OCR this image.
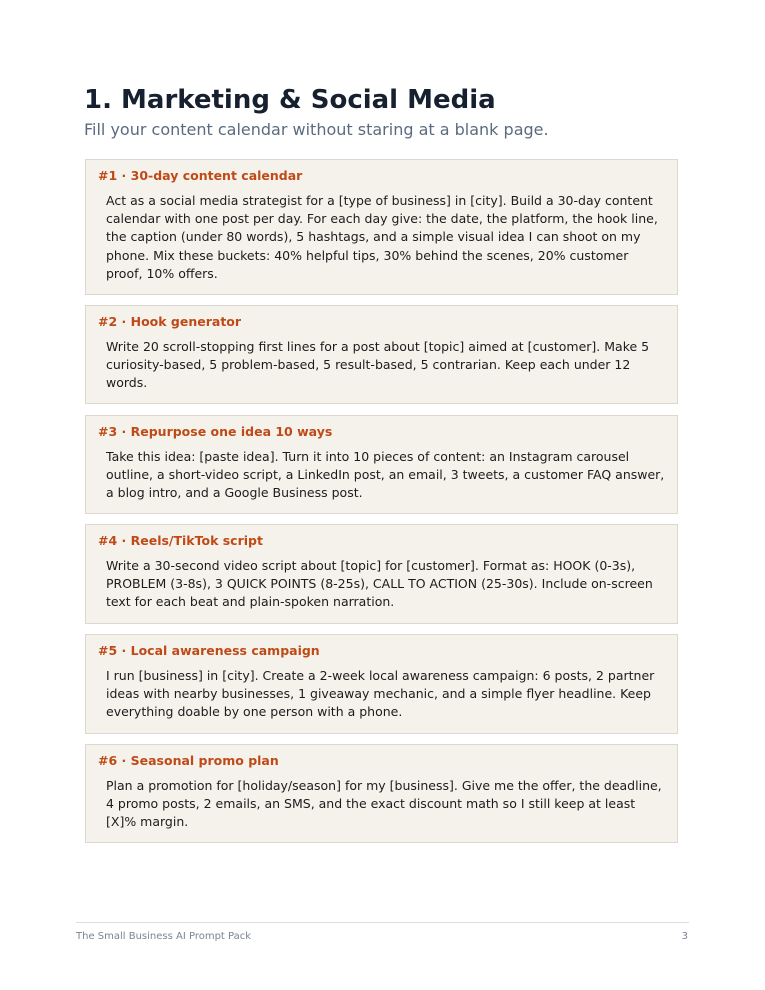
1. Marketing & Social Media

Fill your content calendar without staring at a blank page.

#1 · 30-day content calendar
Act as a social media strategist for a [type of business] in [city]. Build a 30-day content calendar with one post per day. For each day give: the date, the platform, the hook line, the caption (under 80 words), 5 hashtags, and a simple visual idea I can shoot on my phone. Mix these buckets: 40% helpful tips, 30% behind the scenes, 20% customer proof, 10% offers.
#2 · Hook generator
Write 20 scroll-stopping first lines for a post about [topic] aimed at [customer]. Make 5 curiosity-based, 5 problem-based, 5 result-based, 5 contrarian. Keep each under 12 words.
#3 · Repurpose one idea 10 ways
Take this idea: [paste idea]. Turn it into 10 pieces of content: an Instagram carousel outline, a short-video script, a LinkedIn post, an email, 3 tweets, a customer FAQ answer, a blog intro, and a Google Business post.
#4 · Reels/TikTok script
Write a 30-second video script about [topic] for [customer]. Format as: HOOK (0-3s), PROBLEM (3-8s), 3 QUICK POINTS (8-25s), CALL TO ACTION (25-30s). Include on-screen text for each beat and plain-spoken narration.
#5 · Local awareness campaign
I run [business] in [city]. Create a 2-week local awareness campaign: 6 posts, 2 partner ideas with nearby businesses, 1 giveaway mechanic, and a simple flyer headline. Keep everything doable by one person with a phone.
#6 · Seasonal promo plan
Plan a promotion for [holiday/season] for my [business]. Give me the offer, the deadline, 4 promo posts, 2 emails, an SMS, and the exact discount math so I still keep at least [X]% margin.
The Small Business AI Prompt Pack	3
